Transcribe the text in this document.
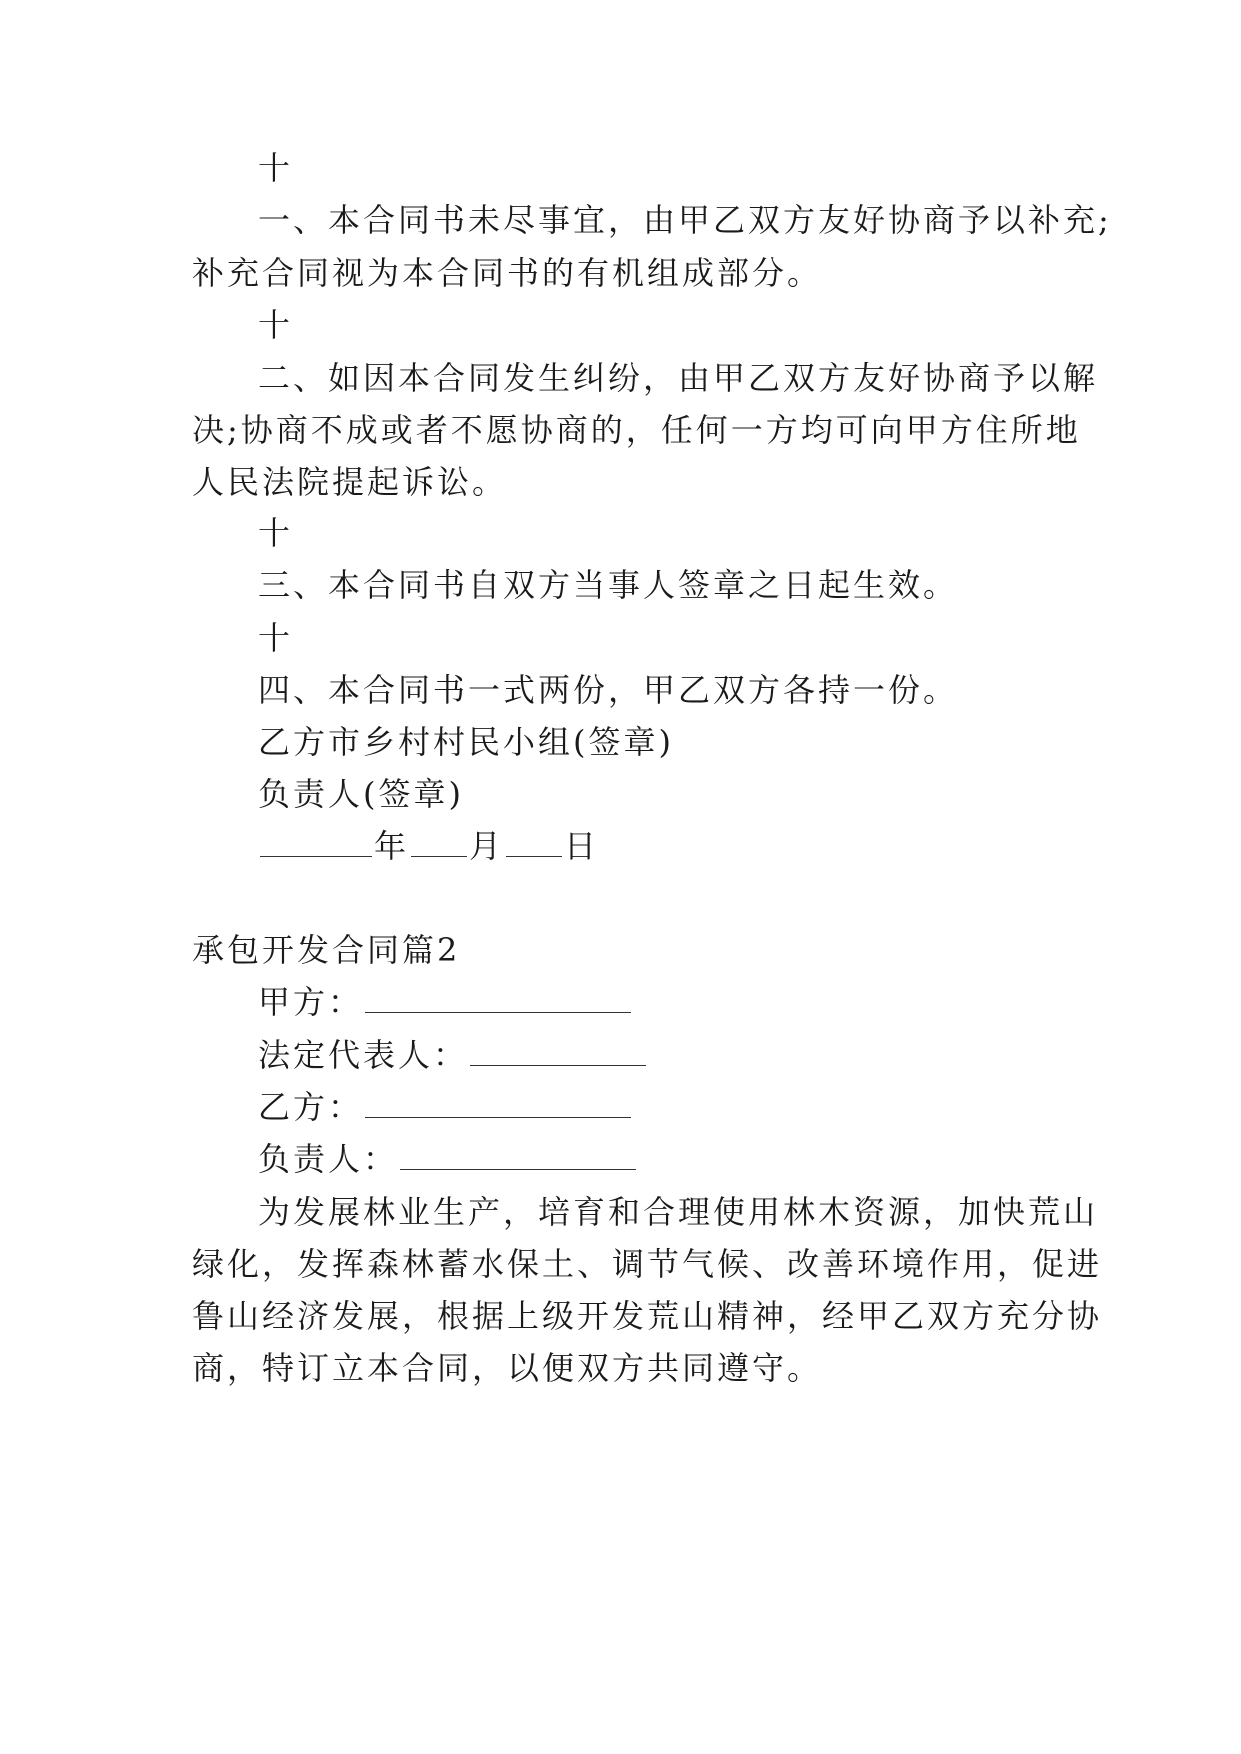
十
一、本合同书未尽事宜，由甲乙双方友好协商予以补充;
补充合同视为本合同书的有机组成部分。
十
二、如因本合同发生纠纷，由甲乙双方友好协商予以解
决;协商不成或者不愿协商的，任何一方均可向甲方住所地
人民法院提起诉讼。
十
三、本合同书自双方当事人签章之日起生效。
十
四、本合同书一式两份，甲乙双方各持一份。
乙方市乡村村民小组(签章)
负责人(签章)
年 月 日
承包开发合同篇2
甲方：
法定代表人：
乙方：
负责人：
为发展林业生产，培育和合理使用林木资源，加快荒山
绿化，发挥森林蓄水保土、调节气候、改善环境作用，促进
鲁山经济发展，根据上级开发荒山精神，经甲乙双方充分协
商，特订立本合同，以便双方共同遵守。
